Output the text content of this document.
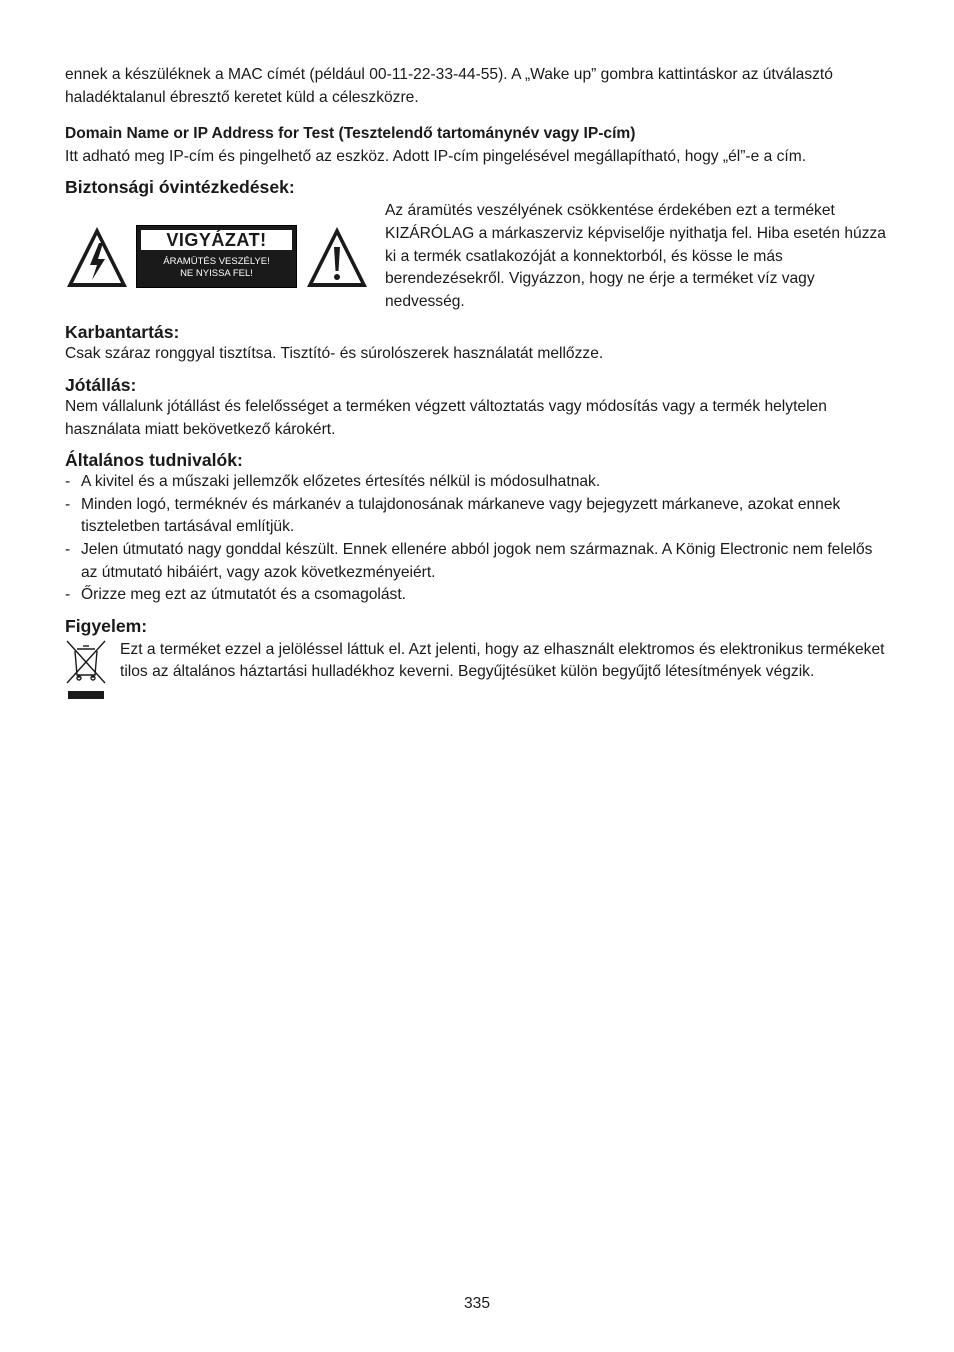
ennek a készüléknek a MAC címét (például 00-11-22-33-44-55). A „Wake up” gombra kattintáskor az útválasztó haladéktalanul ébresztő keretet küld a céleszközre.

Domain Name or IP Address for Test (Tesztelendő tartománynév vagy IP-cím)

Itt adható meg IP-cím és pingelhető az eszköz. Adott IP-cím pingelésével megállapítható, hogy „él”-e a cím.

Biztonsági óvintézkedések:
VIGYÁZAT!
ÁRAMÜTÉS VESZÉLYE!
NE NYISSA FEL!

Az áramütés veszélyének csökkentése érdekében ezt a terméket KIZÁRÓLAG a márkaszerviz képviselője nyithatja fel. Hiba esetén húzza ki a termék csatlakozóját a konnektorból, és kösse le más berendezésekről. Vigyázzon, hogy ne érje a terméket víz vagy nedvesség.

Karbantartás:

Csak száraz ronggyal tisztítsa. Tisztító- és súrolószerek használatát mellőzze.

Jótállás:

Nem vállalunk jótállást és felelősséget a terméken végzett változtatás vagy módosítás vagy a termék helytelen használata miatt bekövetkező károkért.

Általános tudnivalók:
- A kivitel és a műszaki jellemzők előzetes értesítés nélkül is módosulhatnak.
- Minden logó, terméknév és márkanév a tulajdonosának márkaneve vagy bejegyzett márkaneve, azokat ennek tiszteletben tartásával említjük.
- Jelen útmutató nagy gonddal készült. Ennek ellenére abból jogok nem származnak. A König Electronic nem felelős az útmutató hibáiért, vagy azok következményeiért.
- Őrizze meg ezt az útmutatót és a csomagolást.
Figyelem:

Ezt a terméket ezzel a jelöléssel láttuk el. Azt jelenti, hogy az elhasznált elektromos és elektronikus termékeket tilos az általános háztartási hulladékhoz keverni. Begyűjtésüket külön begyűjtő létesítmények végzik.

335
